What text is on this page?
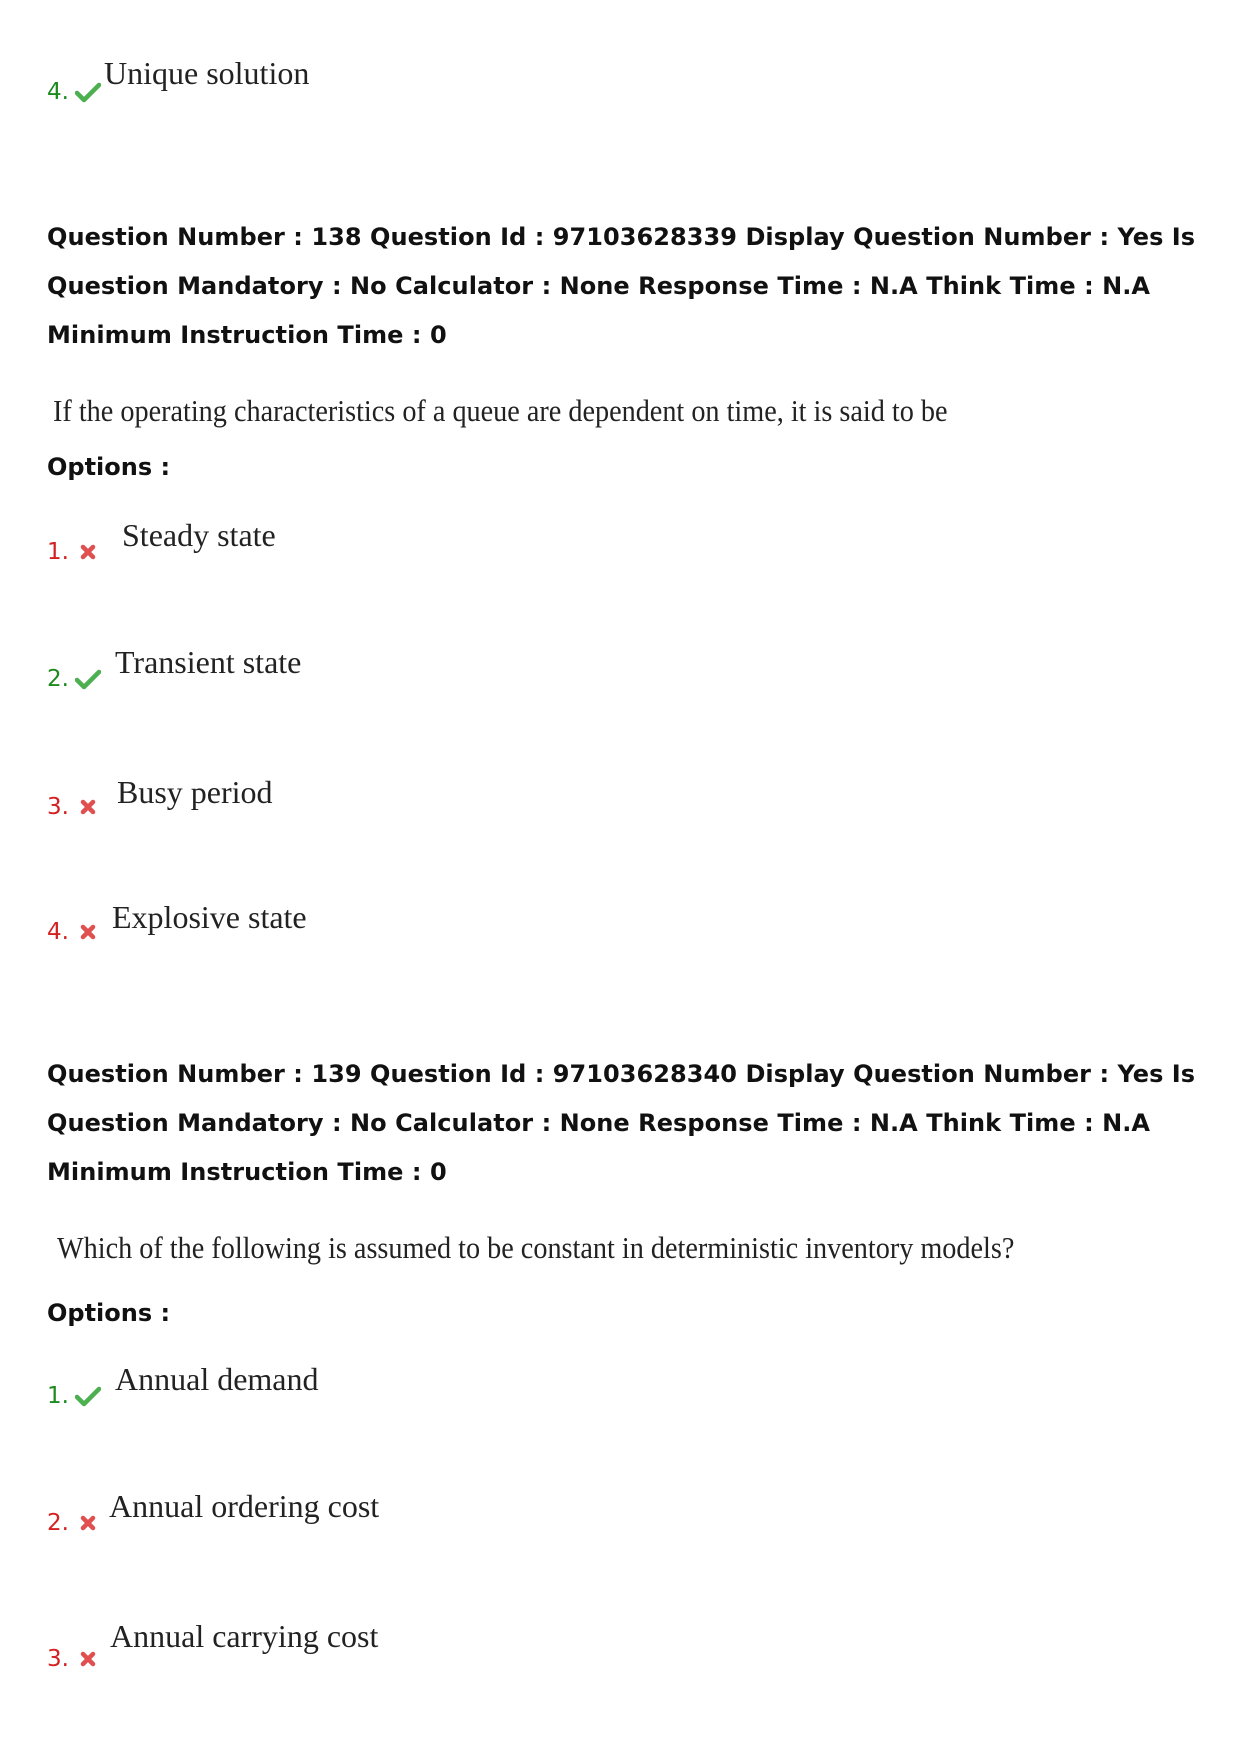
4.
Unique solution

Question Number : 138 Question Id : 97103628339 Display Question Number : Yes Is Question Mandatory : No Calculator : None Response Time : N.A Think Time : N.A Minimum Instruction Time : 0

If the operating characteristics of a queue are dependent on time, it is said to be
Options :
1. Steady state
2. Transient state
3. Busy period
4. Explosive state

Question Number : 139 Question Id : 97103628340 Display Question Number : Yes Is Question Mandatory : No Calculator : None Response Time : N.A Think Time : N.A Minimum Instruction Time : 0

Which of the following is assumed to be constant in deterministic inventory models?
Options :
1. Annual demand
2. Annual ordering cost
3.
Annual carrying cost
